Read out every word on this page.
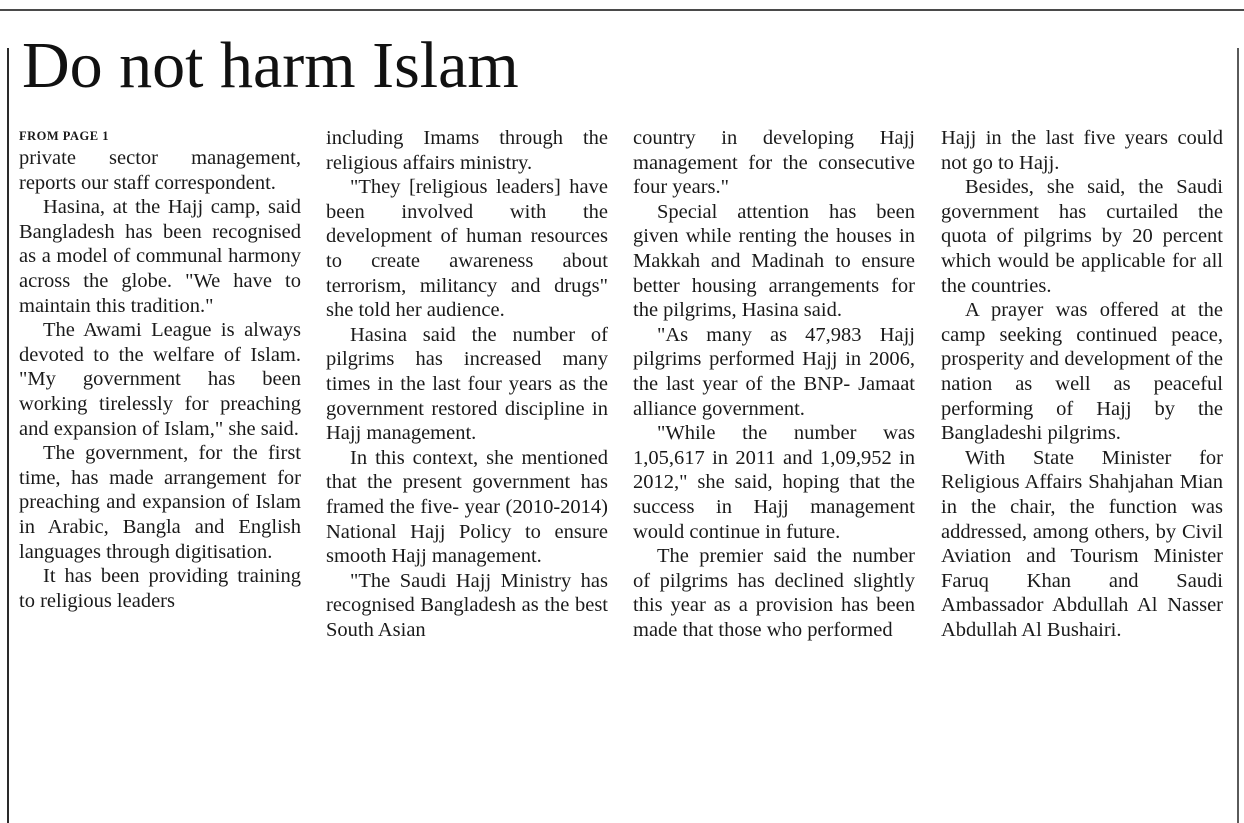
Do not harm Islam
FROM PAGE 1

private sector management, reports our staff correspondent.

Hasina, at the Hajj camp, said Bangladesh has been recognised as a model of communal harmony across the globe. "We have to maintain this tradition."

The Awami League is always devoted to the welfare of Islam. "My government has been working tirelessly for preaching and expansion of Islam," she said.

The government, for the first time, has made arrangement for preaching and expansion of Islam in Arabic, Bangla and English languages through digitisation.

It has been providing training to religious leaders

including Imams through the religious affairs ministry.

"They [religious leaders] have been involved with the development of human resources to create awareness about terrorism, militancy and drugs" she told her audience.

Hasina said the number of pilgrims has increased many times in the last four years as the government restored discipline in Hajj management.

In this context, she mentioned that the present government has framed the five- year (2010-2014) National Hajj Policy to ensure smooth Hajj management.

"The Saudi Hajj Ministry has recognised Bangladesh as the best South Asian

country in developing Hajj management for the consecutive four years."

Special attention has been given while renting the houses in Makkah and Madinah to ensure better housing arrangements for the pilgrims, Hasina said.

"As many as 47,983 Hajj pilgrims performed Hajj in 2006, the last year of the BNP- Jamaat alliance government.

"While the number was 1,05,617 in 2011 and 1,09,952 in 2012," she said, hoping that the success in Hajj management would continue in future.

The premier said the number of pilgrims has declined slightly this year as a provision has been made that those who performed

Hajj in the last five years could not go to Hajj.

Besides, she said, the Saudi government has curtailed the quota of pilgrims by 20 percent which would be applicable for all the countries.

A prayer was offered at the camp seeking continued peace, prosperity and development of the nation as well as peaceful performing of Hajj by the Bangladeshi pilgrims.

With State Minister for Religious Affairs Shahjahan Mian in the chair, the function was addressed, among others, by Civil Aviation and Tourism Minister Faruq Khan and Saudi Ambassador Abdullah Al Nasser Abdullah Al Bushairi.
